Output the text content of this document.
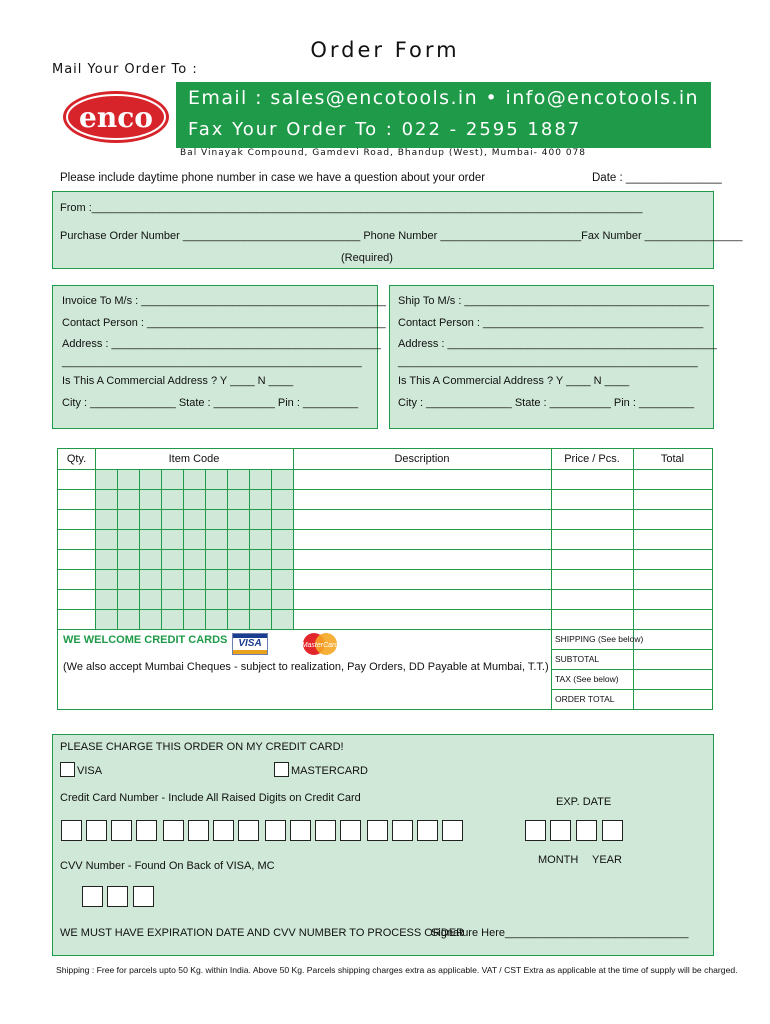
Order Form
Mail Your Order To :
enco
Email : sales@encotools.in • info@encotools.in
Fax Your Order To : 022 - 2595 1887
Bal Vinayak Compound, Gamdevi Road, Bhandup (West), Mumbai- 400 078
Please include daytime phone number in case we have a question about your order	Date : _______________
From :__________________________________________________________________________________________
Purchase Order Number _____________________________ Phone Number _______________________Fax Number ________________
(Required)
Invoice To M/s : ________________________________________
Contact Person : _______________________________________
Address : ____________________________________________
_________________________________________________
Is This A Commercial Address ? Y ____ N ____
City : ______________ State : __________ Pin : _________
Ship To M/s : ________________________________________
Contact Person : ____________________________________
Address : ____________________________________________
_________________________________________________
Is This A Commercial Address ? Y ____ N ____
City : ______________ State : __________ Pin : _________
Qty.	Item Code	Description	Price / Pcs.	Total
SHIPPING (See below)
SUBTOTAL
TAX (See below)
ORDER TOTAL
WE WELCOME CREDIT CARDS	VISA	MasterCard
(We also accept Mumbai Cheques - subject to realization, Pay Orders, DD Payable at Mumbai, T.T.)
PLEASE CHARGE THIS ORDER ON MY CREDIT CARD!
VISA	MASTERCARD
Credit Card Number - Include All Raised Digits on Credit Card	EXP. DATE
MONTH YEAR
CVV Number - Found On Back of VISA, MC
WE MUST HAVE EXPIRATION DATE AND CVV NUMBER TO PROCESS ORDER
Signature Here______________________________
Shipping : Free for parcels upto 50 Kg. within India. Above 50 Kg. Parcels shipping charges extra as applicable. VAT / CST Extra as applicable at the time of supply will be charged.
